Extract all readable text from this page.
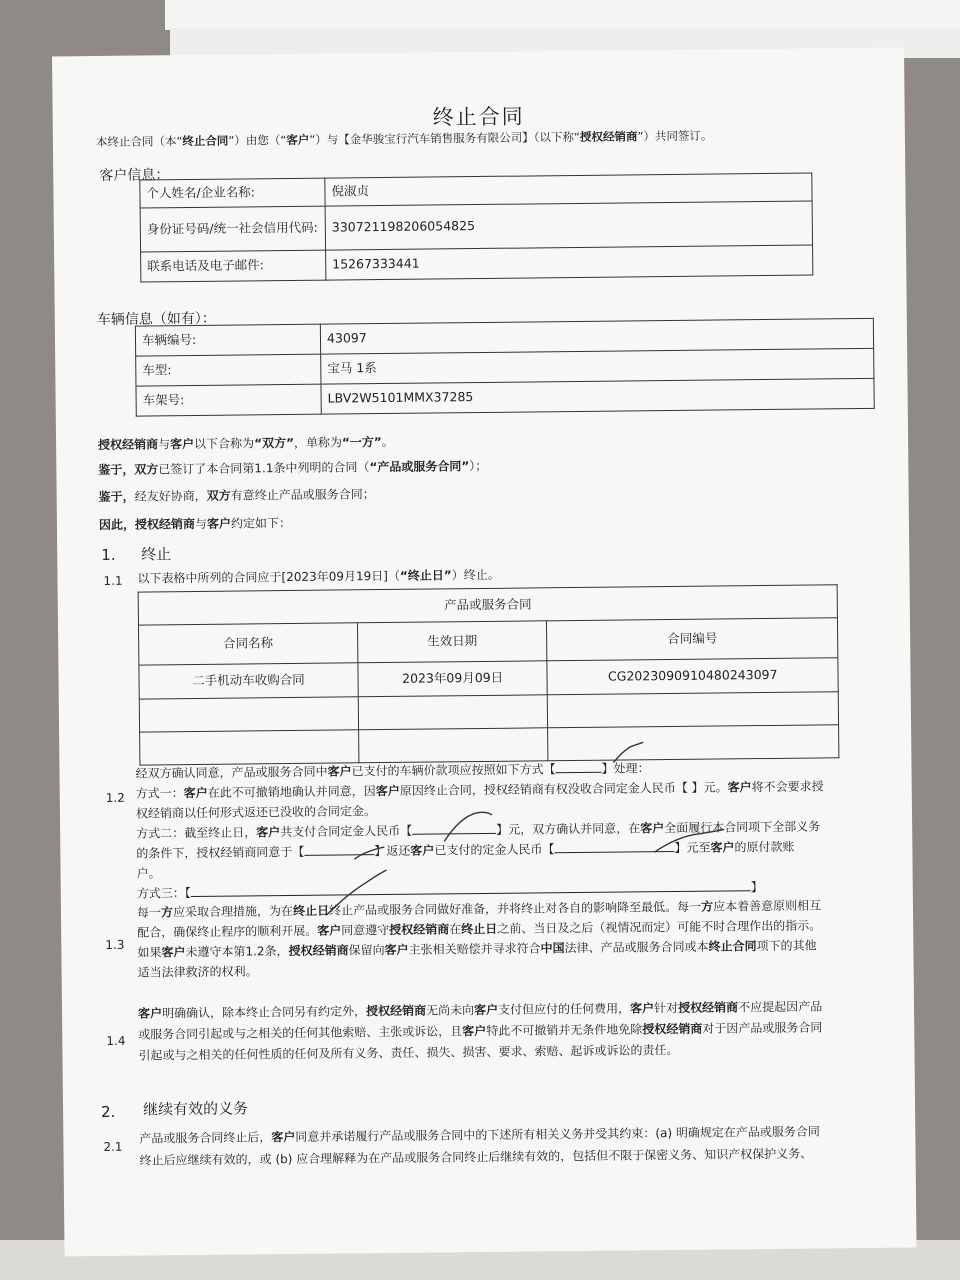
终止合同
本终止合同（本“终止合同”）由您（“客户”）与【金华骏宝行汽车销售服务有限公司】（以下称“授权经销商”）共同签订。
客户信息：
个人姓名/企业名称:	倪淑贞
身份证号码/统一社会信用代码:	330721198206054825
联系电话及电子邮件:	15267333441
车辆信息（如有）：
车辆编号:	43097
车型:	宝马 1系
车架号:	LBV2W5101MMX37285
授权经销商与客户以下合称为“双方”，单称为“一方”。
鉴于，双方已签订了本合同第1.1条中列明的合同（“产品或服务合同”）；
鉴于，经友好协商，双方有意终止产品或服务合同；
因此，授权经销商与客户约定如下：
1. 终止
1.1 以下表格中所列的合同应于[2023年09月19日]（“终止日”）终止。
产品或服务合同		
合同名称	生效日期	合同编号
二手机动车收购合同	2023年09月09日	CG2023090910480243097

1.2
经双方确认同意，产品或服务合同中客户已支付的车辆价款项应按照如下方式【	】处理：
方式一：客户在此不可撤销地确认并同意，因客户原因终止合同，授权经销商有权没收合同定金人民币【 】元。客户将不会要求授
权经销商以任何形式返还已没收的合同定金。
方式二：截至终止日，客户共支付合同定金人民币【	】元，双方确认并同意，在客户全面履行本合同项下全部义务
的条件下，授权经销商同意于【	】返还客户已支付的定金人民币【	】元至客户的原付款账
户。
方式三：【	】
1.3
每一方应采取合理措施，为在终止日终止产品或服务合同做好准备，并将终止对各自的影响降至最低。每一方应本着善意原则相互
配合，确保终止程序的顺利开展。客户同意遵守授权经销商在终止日之前、当日及之后（视情况而定）可能不时合理作出的指示。
如果客户未遵守本第1.2条，授权经销商保留向客户主张相关赔偿并寻求符合中国法律、产品或服务合同或本终止合同项下的其他
适当法律救济的权利。
1.4
客户明确确认，除本终止合同另有约定外，授权经销商无尚未向客户支付但应付的任何费用，客户针对授权经销商不应提起因产品
或服务合同引起或与之相关的任何其他索赔、主张或诉讼，且客户特此不可撤销并无条件地免除授权经销商对于因产品或服务合同
引起或与之相关的任何性质的任何及所有义务、责任、损失、损害、要求、索赔、起诉或诉讼的责任。
2. 继续有效的义务
2.1
产品或服务合同终止后，客户同意并承诺履行产品或服务合同中的下述所有相关义务并受其约束：(a) 明确规定在产品或服务合同
终止后应继续有效的，或 (b) 应合理解释为在产品或服务合同终止后继续有效的，包括但不限于保密义务、知识产权保护义务、
